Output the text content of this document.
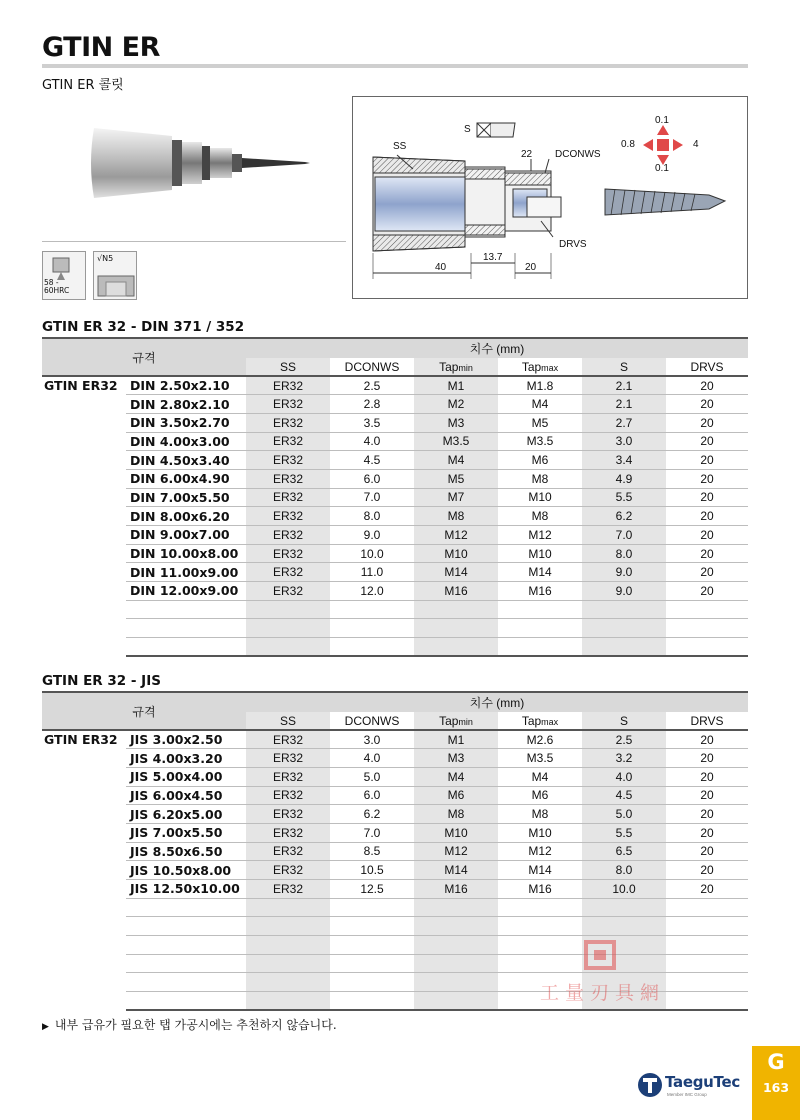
GTIN ER
GTIN ER 콜릿
58 -
60HRC
√N5
S
SS
22 DCONWS
DRVS
40
13.7
20
0.1
0.8	4
0.1
GTIN ER 32 - DIN 371 / 352
규격		치수 (mm)					
		SS	DCONWS	Tapmin	Tapmax	S	DRVS
GTIN ER32	DIN 2.50x2.10	ER32	2.5	M1	M1.8	2.1	20
	DIN 2.80x2.10	ER32	2.8	M2	M4	2.1	20
	DIN 3.50x2.70	ER32	3.5	M3	M5	2.7	20
	DIN 4.00x3.00	ER32	4.0	M3.5	M3.5	3.0	20
	DIN 4.50x3.40	ER32	4.5	M4	M6	3.4	20
	DIN 6.00x4.90	ER32	6.0	M5	M8	4.9	20
	DIN 7.00x5.50	ER32	7.0	M7	M10	5.5	20
	DIN 8.00x6.20	ER32	8.0	M8	M8	6.2	20
	DIN 9.00x7.00	ER32	9.0	M12	M12	7.0	20
	DIN 10.00x8.00	ER32	10.0	M10	M10	8.0	20
	DIN 11.00x9.00	ER32	11.0	M14	M14	9.0	20
	DIN 12.00x9.00	ER32	12.0	M16	M16	9.0	20

GTIN ER 32 - JIS
규격		치수 (mm)					
		SS	DCONWS	Tapmin	Tapmax	S	DRVS
GTIN ER32	JIS 3.00x2.50	ER32	3.0	M1	M2.6	2.5	20
	JIS 4.00x3.20	ER32	4.0	M3	M3.5	3.2	20
	JIS 5.00x4.00	ER32	5.0	M4	M4	4.0	20
	JIS 6.00x4.50	ER32	6.0	M6	M6	4.5	20
	JIS 6.20x5.00	ER32	6.2	M8	M8	5.0	20
	JIS 7.00x5.50	ER32	7.0	M10	M10	5.5	20
	JIS 8.50x6.50	ER32	8.5	M12	M12	6.5	20
	JIS 10.50x8.00	ER32	10.5	M14	M14	8.0	20
	JIS 12.50x10.00	ER32	12.5	M16	M16	10.0	20

工量刃具網
▶ 내부 급유가 필요한 탭 가공시에는 추천하지 않습니다.
TaeguTec
Member IMC Group
G
163
